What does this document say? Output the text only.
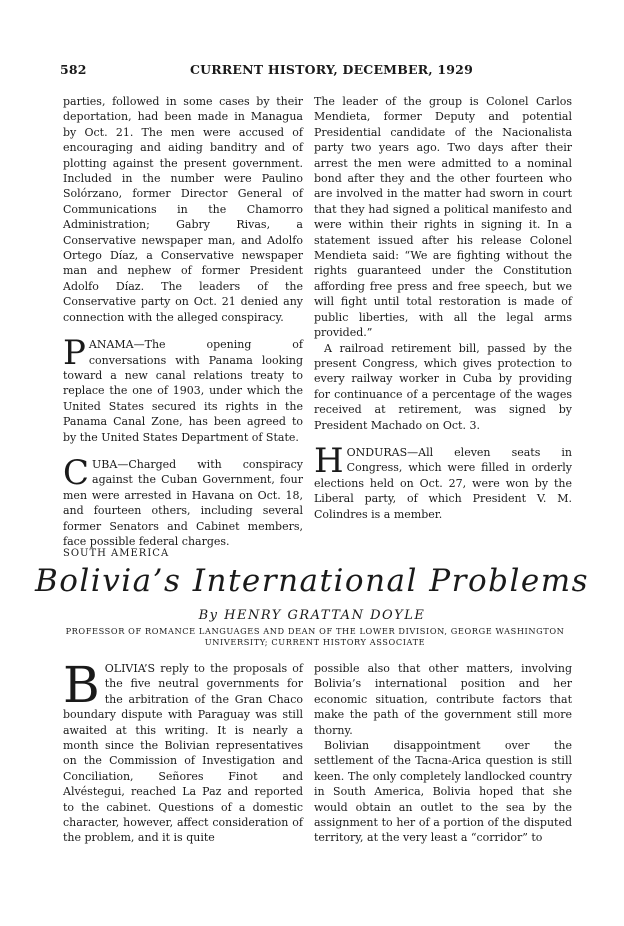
582	CURRENT HISTORY, DECEMBER, 1929

parties, followed in some cases by their deportation, had been made in Managua by Oct. 21. The men were accused of encouraging and aiding banditry and of plotting against the present government. Included in the number were Paulino Solórzano, former Director General of Communications in the Chamorro Administration; Gabry Rivas, a Conservative newspaper man, and Adolfo Ortego Díaz, a Conservative newspaper man and nephew of former President Adolfo Díaz. The leaders of the Conservative party on Oct. 21 denied any connection with the alleged conspiracy.

PANAMA—The opening of conversations with Panama looking toward a new canal relations treaty to replace the one of 1903, under which the United States secured its rights in the Panama Canal Zone, has been agreed to by the United States Department of State.

CUBA—Charged with conspiracy against the Cuban Government, four men were arrested in Havana on Oct. 18, and fourteen others, including several former Senators and Cabinet members, face possible federal charges.

The leader of the group is Colonel Carlos Mendieta, former Deputy and potential Presidential candidate of the Nacionalista party two years ago. Two days after their arrest the men were admitted to a nominal bond after they and the other fourteen who are involved in the matter had sworn in court that they had signed a political manifesto and were within their rights in signing it. In a statement issued after his release Colonel Mendieta said: “We are fighting without the rights guaranteed under the Constitution affording free press and free speech, but we will fight until total restoration is made of public liberties, with all the legal arms provided.”

A railroad retirement bill, passed by the present Congress, which gives protection to every railway worker in Cuba by providing for continuance of a percentage of the wages received at retirement, was signed by President Machado on Oct. 3.

HONDURAS—All eleven seats in Congress, which were filled in orderly elections held on Oct. 27, were won by the Liberal party, of which President V. M. Colindres is a member.

SOUTH AMERICA
Bolivia’s International Problems
By HENRY GRATTAN DOYLE
PROFESSOR OF ROMANCE LANGUAGES AND DEAN OF THE LOWER DIVISION, GEORGE WASHINGTON UNIVERSITY; CURRENT HISTORY ASSOCIATE

BOLIVIA’S reply to the proposals of the five neutral governments for the arbitration of the Gran Chaco boundary dispute with Paraguay was still awaited at this writing. It is nearly a month since the Bolivian representatives on the Commission of Investigation and Conciliation, Señores Finot and Alvéstegui, reached La Paz and reported to the cabinet. Questions of a domestic character, however, affect consideration of the problem, and it is quite

possible also that other matters, involving Bolivia’s international position and her economic situation, contribute factors that make the path of the government still more thorny.

Bolivian disappointment over the settlement of the Tacna-Arica question is still keen. The only completely landlocked country in South America, Bolivia hoped that she would obtain an outlet to the sea by the assignment to her of a portion of the disputed territory, at the very least a “corridor” to
